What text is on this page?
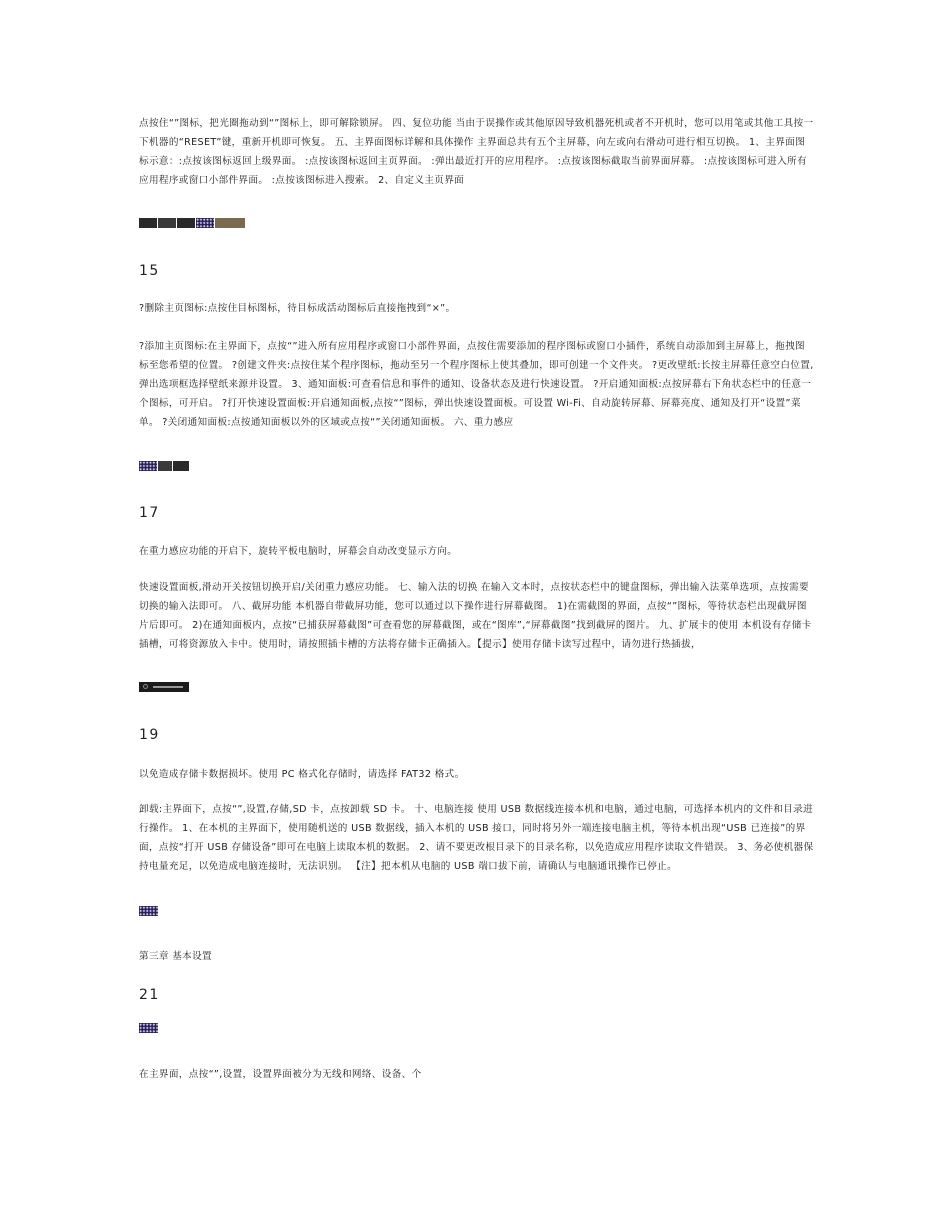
点按住“”图标，把光圈拖动到“”图标上，即可解除锁屏。 四、复位功能 当由于误操作或其他原因导致机器死机或者不开机时，您可以用笔或其他工具按一下机器的“RESET”键，重新开机即可恢复。 五、主界面图标详解和具体操作 主界面总共有五个主屏幕，向左或向右滑动可进行相互切换。 1、主界面图标示意：:点按该图标返回上级界面。 :点按该图标返回主页界面。 :弹出最近打开的应用程序。 :点按该图标截取当前界面屏幕。 :点按该图标可进入所有应用程序或窗口小部件界面。 :点按该图标进入搜索。 2、自定义主页界面

15

?删除主页图标:点按住目标图标，待目标成活动图标后直接拖拽到“×”。

?添加主页图标:在主界面下，点按“”进入所有应用程序或窗口小部件界面，点按住需要添加的程序图标或窗口小插件，系统自动添加到主屏幕上，拖拽图标至您希望的位置。 ?创建文件夹:点按住某个程序图标，拖动至另一个程序图标上使其叠加，即可创建一个文件夹。 ?更改壁纸:长按主屏幕任意空白位置,弹出选项框选择壁纸来源并设置。 3、通知面板:可查看信息和事件的通知、设备状态及进行快速设置。 ?开启通知面板:点按屏幕右下角状态栏中的任意一个图标，可开启。 ?打开快速设置面板:开启通知面板,点按“”图标，弹出快速设置面板。可设置 Wi-Fi、自动旋转屏幕、屏幕亮度、通知及打开“设置”菜单。 ?关闭通知面板:点按通知面板以外的区域或点按“”关闭通知面板。 六、重力感应

17

在重力感应功能的开启下，旋转平板电脑时，屏幕会自动改变显示方向。

快速设置面板,滑动开关按钮切换开启/关闭重力感应功能。 七、输入法的切换 在输入文本时，点按状态栏中的键盘图标，弹出输入法菜单选项，点按需要切换的输入法即可。 八、截屏功能 本机器自带截屏功能，您可以通过以下操作进行屏幕截图。 1)在需截图的界面，点按“”图标，等待状态栏出现截屏图片后即可。 2)在通知面板内，点按“已捕获屏幕截图”可查看您的屏幕截图，或在“图库”,“屏幕截图”找到截屏的图片。 九、扩展卡的使用 本机设有存储卡插槽，可将资源放入卡中。使用时，请按照插卡槽的方法将存储卡正确插入。【提示】使用存储卡读写过程中，请勿进行热插拔，

19

以免造成存储卡数据损坏。使用 PC 格式化存储时，请选择 FAT32 格式。

卸载:主界面下，点按“”,设置,存储,SD 卡，点按卸载 SD 卡。 十、电脑连接 使用 USB 数据线连接本机和电脑，通过电脑，可选择本机内的文件和目录进行操作。 1、在本机的主界面下，使用随机送的 USB 数据线，插入本机的 USB 接口，同时将另外一端连接电脑主机，等待本机出现“USB 已连接”的界面，点按“打开 USB 存储设备”即可在电脑上读取本机的数据。 2、请不要更改根目录下的目录名称，以免造成应用程序读取文件错误。 3、务必使机器保持电量充足，以免造成电脑连接时，无法识别。 【注】把本机从电脑的 USB 端口拔下前，请确认与电脑通讯操作已停止。

第三章 基本设置

21

在主界面，点按“”,设置，设置界面被分为无线和网络、设备、个
